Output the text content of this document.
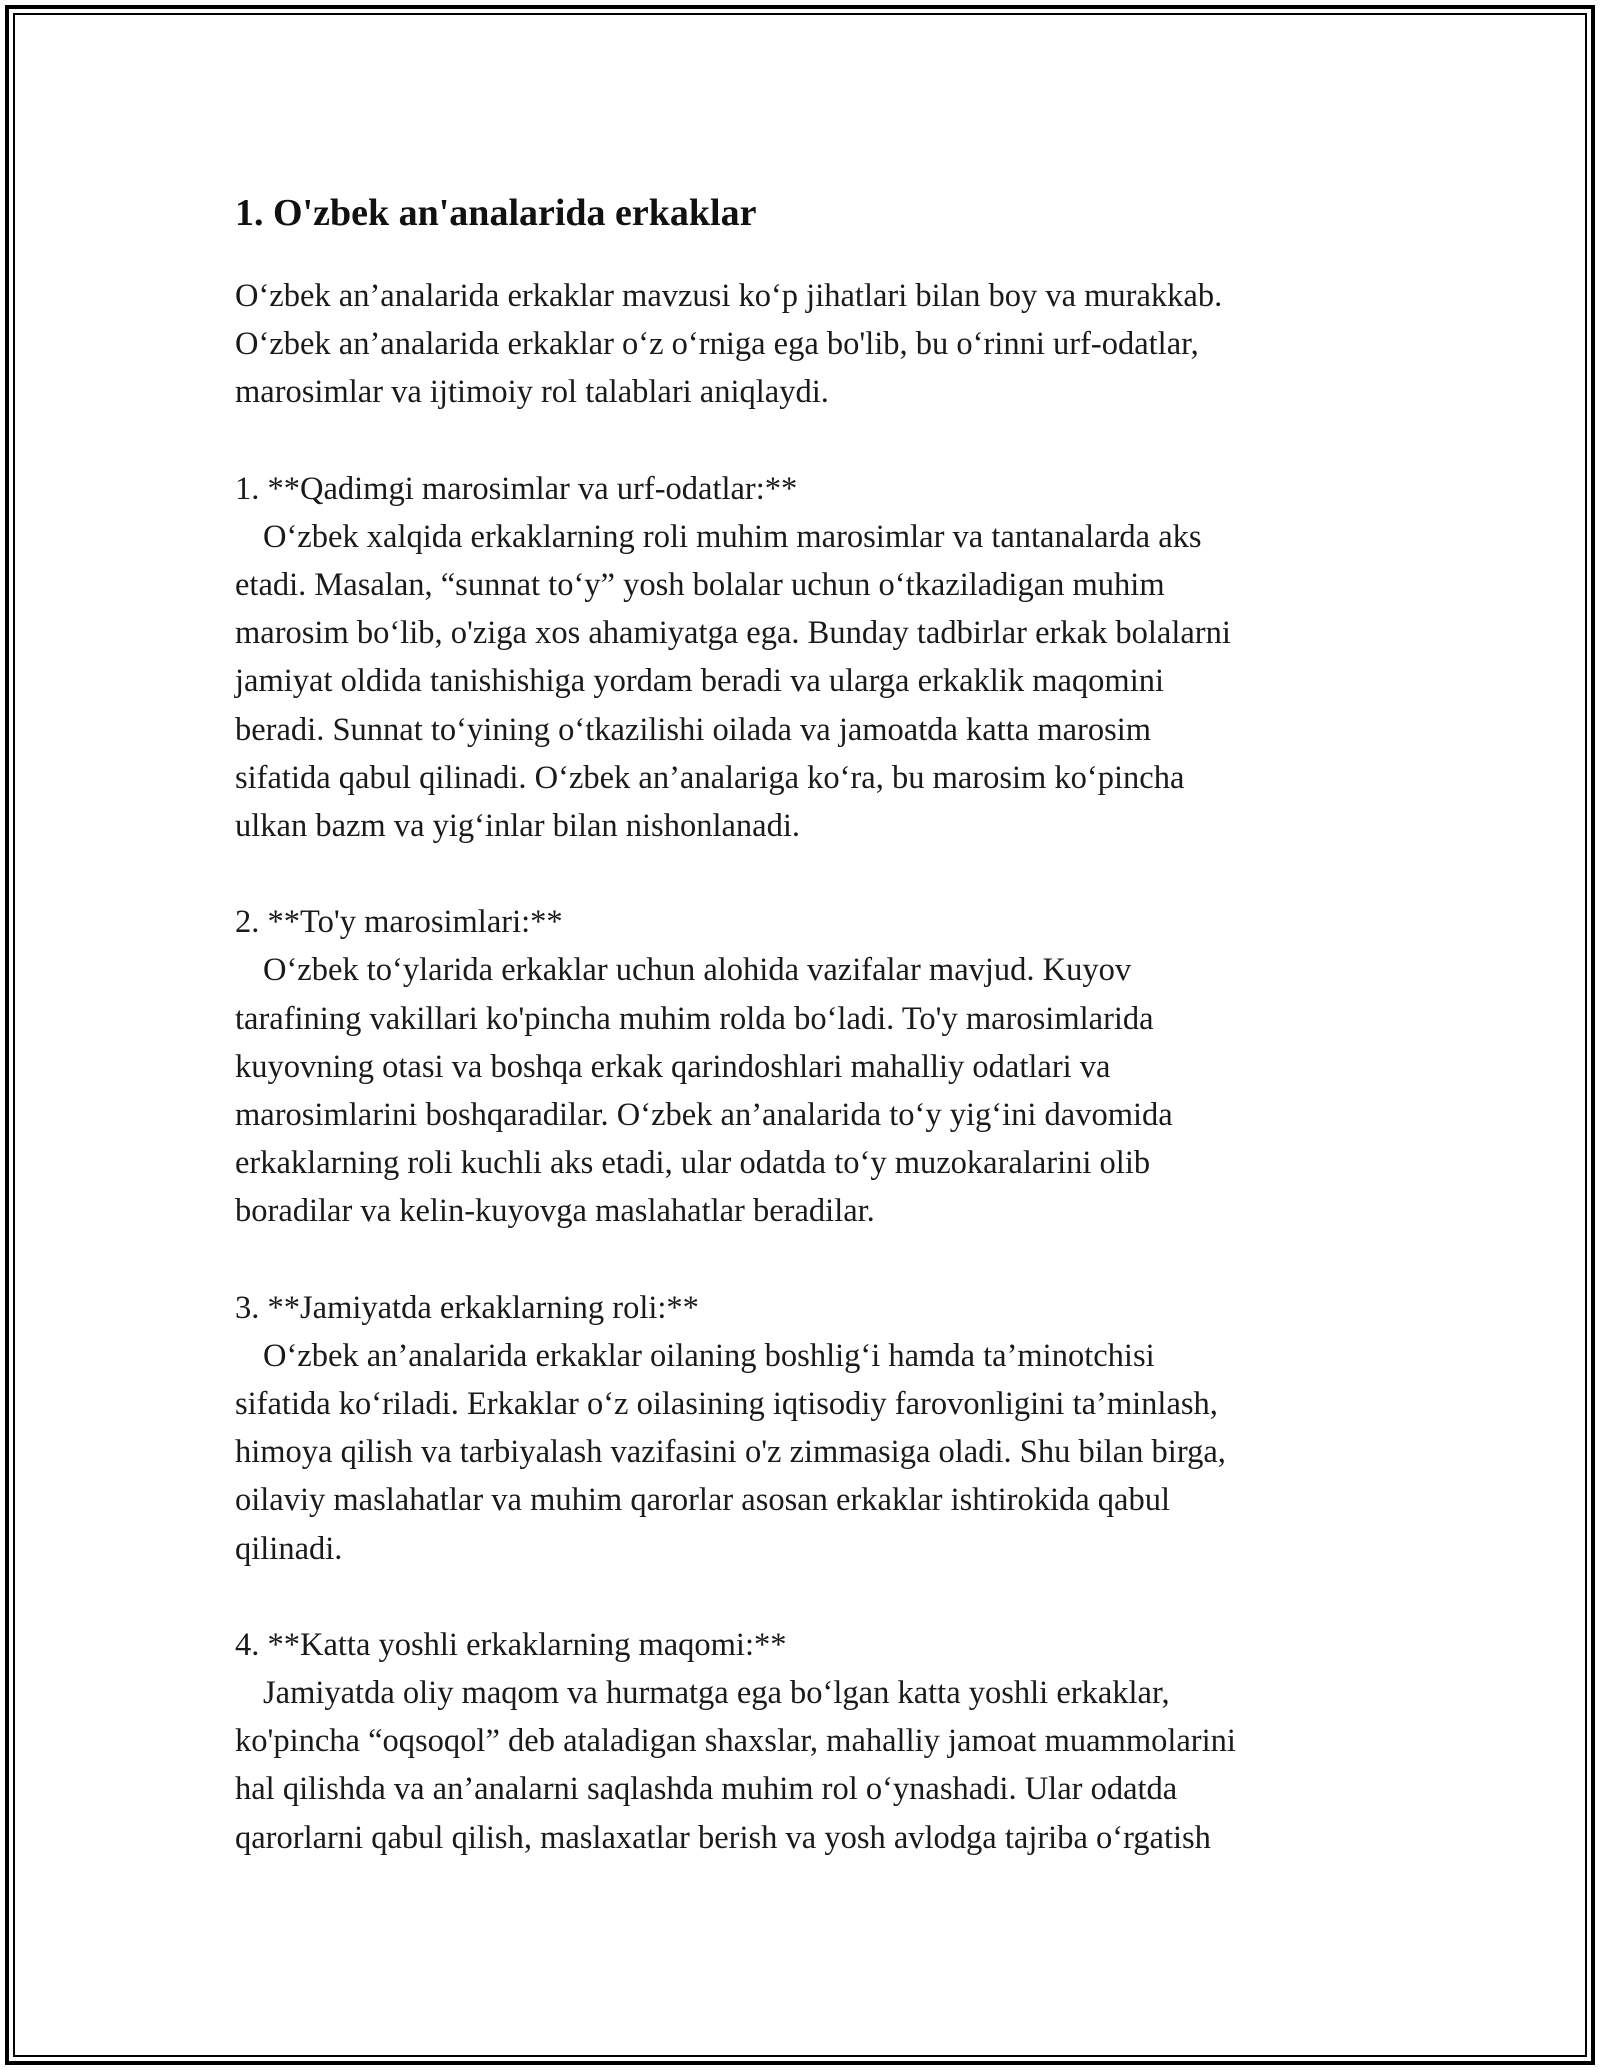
1. O'zbek an'analarida erkaklar

O‘zbek an’analarida erkaklar mavzusi ko‘p jihatlari bilan boy va murakkab.
O‘zbek an’analarida erkaklar o‘z o‘rniga ega bo'lib, bu o‘rinni urf-odatlar,
marosimlar va ijtimoiy rol talablari aniqlaydi.

1. **Qadimgi marosimlar va urf-odatlar:**

O‘zbek xalqida erkaklarning roli muhim marosimlar va tantanalarda aks
etadi. Masalan, “sunnat to‘y” yosh bolalar uchun o‘tkaziladigan muhim
marosim bo‘lib, o'ziga xos ahamiyatga ega. Bunday tadbirlar erkak bolalarni
jamiyat oldida tanishishiga yordam beradi va ularga erkaklik maqomini
beradi. Sunnat to‘yining o‘tkazilishi oilada va jamoatda katta marosim
sifatida qabul qilinadi. O‘zbek an’analariga ko‘ra, bu marosim ko‘pincha
ulkan bazm va yig‘inlar bilan nishonlanadi.

2. **To'y marosimlari:**

O‘zbek to‘ylarida erkaklar uchun alohida vazifalar mavjud. Kuyov
tarafining vakillari ko'pincha muhim rolda bo‘ladi. To'y marosimlarida
kuyovning otasi va boshqa erkak qarindoshlari mahalliy odatlari va
marosimlarini boshqaradilar. O‘zbek an’analarida to‘y yig‘ini davomida
erkaklarning roli kuchli aks etadi, ular odatda to‘y muzokaralarini olib
boradilar va kelin-kuyovga maslahatlar beradilar.

3. **Jamiyatda erkaklarning roli:**

O‘zbek an’analarida erkaklar oilaning boshlig‘i hamda ta’minotchisi
sifatida ko‘riladi. Erkaklar o‘z oilasining iqtisodiy farovonligini ta’minlash,
himoya qilish va tarbiyalash vazifasini o'z zimmasiga oladi. Shu bilan birga,
oilaviy maslahatlar va muhim qarorlar asosan erkaklar ishtirokida qabul
qilinadi.

4. **Katta yoshli erkaklarning maqomi:**

Jamiyatda oliy maqom va hurmatga ega bo‘lgan katta yoshli erkaklar,
ko'pincha “oqsoqol” deb ataladigan shaxslar, mahalliy jamoat muammolarini
hal qilishda va an’analarni saqlashda muhim rol o‘ynashadi. Ular odatda
qarorlarni qabul qilish, maslaxatlar berish va yosh avlodga tajriba o‘rgatish
